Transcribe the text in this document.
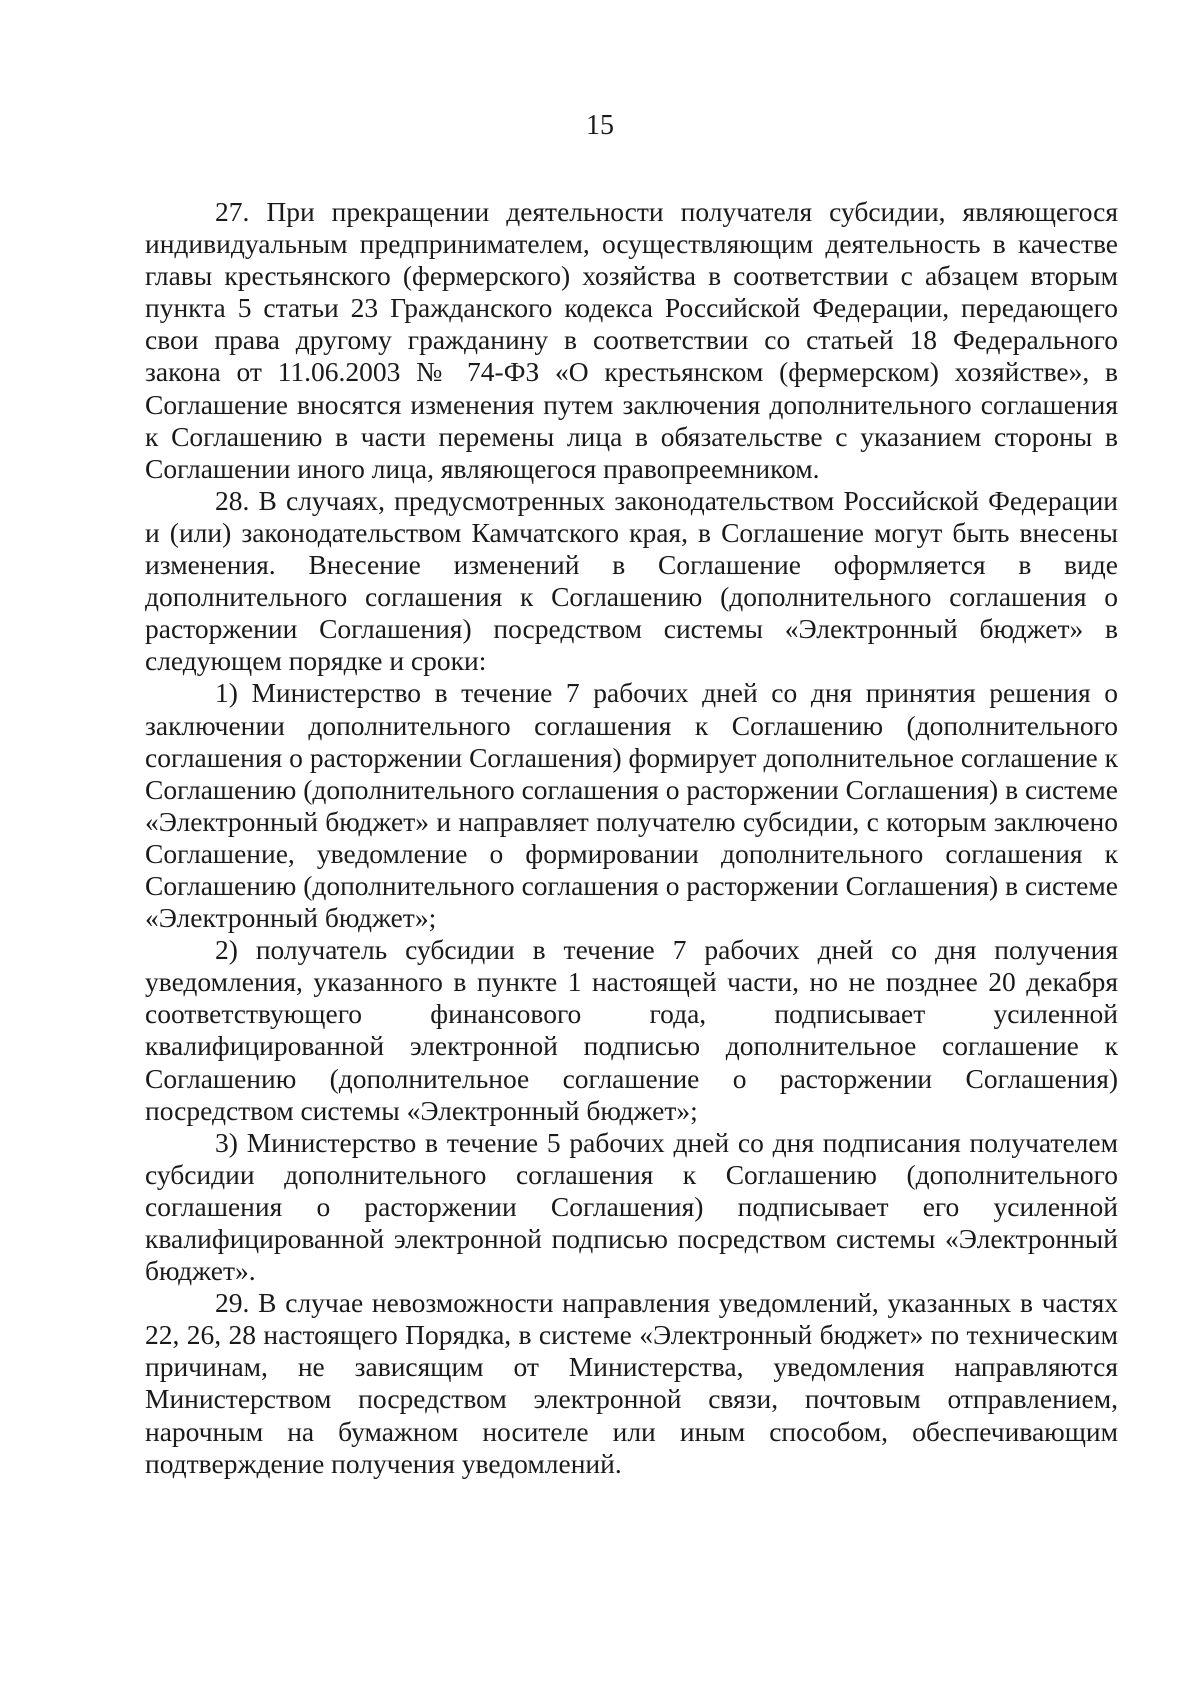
15

27. При прекращении деятельности получателя субсидии, являющегося индивидуальным предпринимателем, осуществляющим деятельность в качестве главы крестьянского (фермерского) хозяйства в соответствии с абзацем вторым пункта 5 статьи 23 Гражданского кодекса Российской Федерации, передающего свои права другому гражданину в соответствии со статьей 18 Федерального закона от 11.06.2003 № 74-ФЗ «О крестьянском (фермерском) хозяйстве», в Соглашение вносятся изменения путем заключения дополнительного соглашения к Соглашению в части перемены лица в обязательстве с указанием стороны в Соглашении иного лица, являющегося правопреемником.

28. В случаях, предусмотренных законодательством Российской Федерации и (или) законодательством Камчатского края, в Соглашение могут быть внесены изменения. Внесение изменений в Соглашение оформляется в виде дополнительного соглашения к Соглашению (дополнительного соглашения о расторжении Соглашения) посредством системы «Электронный бюджет» в следующем порядке и сроки:

1) Министерство в течение 7 рабочих дней со дня принятия решения о заключении дополнительного соглашения к Соглашению (дополнительного соглашения о расторжении Соглашения) формирует дополнительное соглашение к Соглашению (дополнительного соглашения о расторжении Соглашения) в системе «Электронный бюджет» и направляет получателю субсидии, с которым заключено Соглашение, уведомление о формировании дополнительного соглашения к Соглашению (дополнительного соглашения о расторжении Соглашения) в системе «Электронный бюджет»;

2) получатель субсидии в течение 7 рабочих дней со дня получения уведомления, указанного в пункте 1 настоящей части, но не позднее 20 декабря соответствующего финансового года, подписывает усиленной квалифицированной электронной подписью дополнительное соглашение к Соглашению (дополнительное соглашение о расторжении Соглашения) посредством системы «Электронный бюджет»;

3) Министерство в течение 5 рабочих дней со дня подписания получателем субсидии дополнительного соглашения к Соглашению (дополнительного соглашения о расторжении Соглашения) подписывает его усиленной квалифицированной электронной подписью посредством системы «Электронный бюджет».

29. В случае невозможности направления уведомлений, указанных в частях 22, 26, 28 настоящего Порядка, в системе «Электронный бюджет» по техническим причинам, не зависящим от Министерства, уведомления направляются Министерством посредством электронной связи, почтовым отправлением, нарочным на бумажном носителе или иным способом, обеспечивающим подтверждение получения уведомлений.
